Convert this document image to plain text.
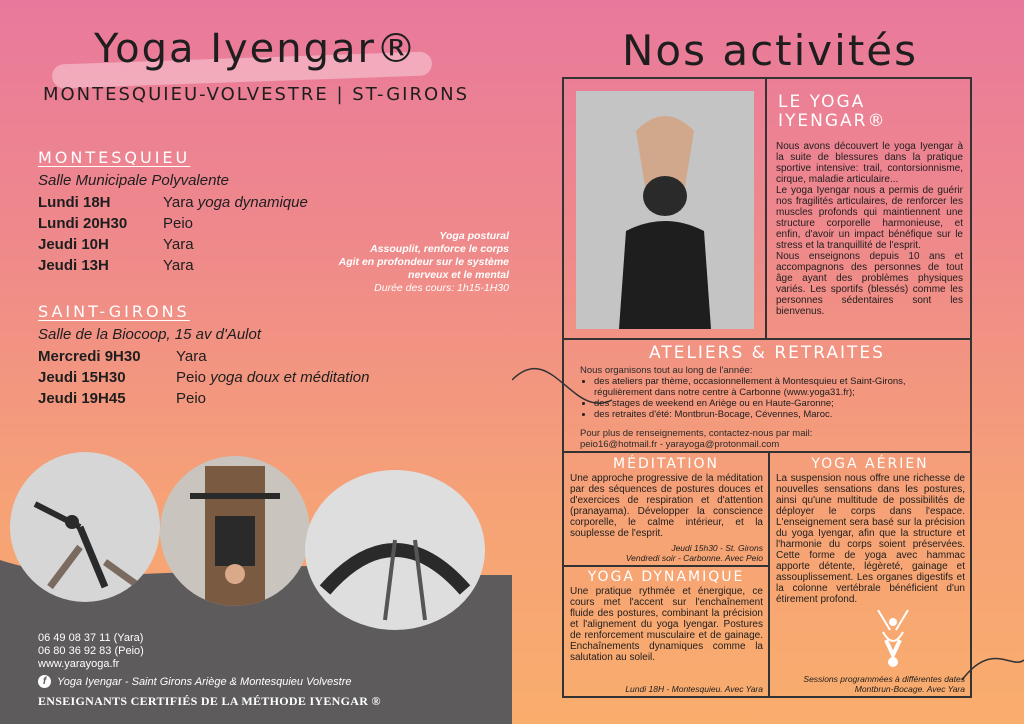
Yoga Iyengar®
MONTESQUIEU-VOLVESTRE | ST-GIRONS
MONTESQUIEU
Salle Municipale Polyvalente
Lundi 18H	Yara yoga dynamique
Lundi 20H30 Peio
Jeudi 10H	Yara
Jeudi 13H	Yara
Yoga postural
Assouplit, renforce le corps
Agit en profondeur sur le système nerveux et le mental
Durée des cours: 1h15-1H30
SAINT-GIRONS
Salle de la Biocoop, 15 av d'Aulot
Mercredi 9H30 Yara
Jeudi 15H30	Peio yoga doux et méditation
Jeudi 19H45	Peio
06 49 08 37 11 (Yara)
06 80 36 92 83 (Peio)
www.yarayoga.fr
f Yoga Iyengar - Saint Girons Ariège & Montesquieu Volvestre
ENSEIGNANTS CERTIFIÉS DE LA MÉTHODE IYENGAR ®
Nos activités
LE YOGA IYENGAR®
Nous avons découvert le yoga Iyengar à la suite de blessures dans la pratique sportive intensive: trail, contorsionnisme, cirque, maladie articulaire...
Le yoga Iyengar nous a permis de guérir nos fragilités articulaires, de renforcer les muscles profonds qui maintiennent une structure corporelle harmonieuse, et enfin, d'avoir un impact bénéfique sur le stress et la tranquillité de l'esprit.
Nous enseignons depuis 10 ans et accompagnons des personnes de tout âge ayant des problèmes physiques variés. Les sportifs (blessés) comme les personnes sédentaires sont les bienvenus.
ATELIERS & RETRAITES
Nous organisons tout au long de l'année:
• des ateliers par thème, occasionnellement à Montesquieu et Saint-Girons, régulièrement dans notre centre à Carbonne (www.yoga31.fr);
• des stages de weekend en Ariège ou en Haute-Garonne;
• des retraites d'été: Montbrun-Bocage, Cévennes, Maroc.
Pour plus de renseignements, contactez-nous par mail:
peio16@hotmail.fr - yarayoga@protonmail.com
MÉDITATION
Une approche progressive de la méditation par des séquences de postures douces et d'exercices de respiration et d'attention (pranayama). Développer la conscience corporelle, le calme intérieur, et la souplesse de l'esprit.
Jeudi 15h30 - St. Girons
Vendredi soir - Carbonne. Avec Peio
YOGA AÉRIEN
La suspension nous offre une richesse de nouvelles sensations dans les postures, ainsi qu'une multitude de possibilités de déployer le corps dans l'espace. L'enseignement sera basé sur la précision du yoga Iyengar, afin que la structure et l'harmonie du corps soient préservées. Cette forme de yoga avec hammac apporte détente, légèreté, gainage et assouplissement. Les organes digestifs et la colonne vertébrale bénéficient d'un étirement profond.
Sessions programmées à différentes dates
Montbrun-Bocage. Avec Yara
YOGA DYNAMIQUE
Une pratique rythmée et énergique, ce cours met l'accent sur l'enchaînement fluide des postures, combinant la précision et l'alignement du yoga Iyengar. Postures de renforcement musculaire et de gainage. Enchaînements dynamiques comme la salutation au soleil.
Lundi 18H - Montesquieu. Avec Yara
